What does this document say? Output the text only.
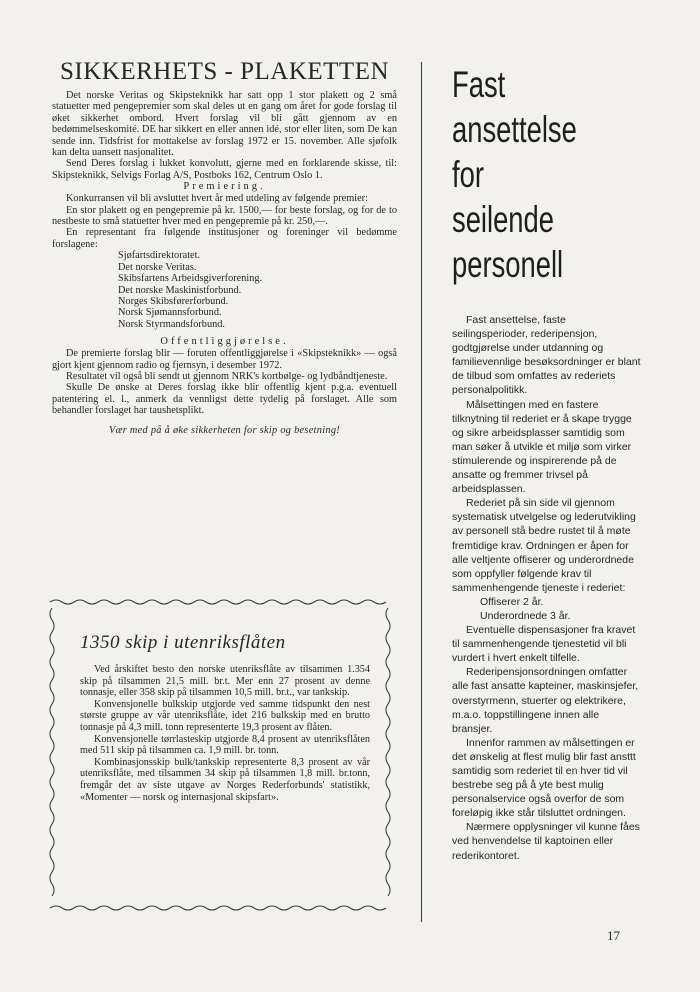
SIKKERHETS - PLAKETTEN

Det norske Veritas og Skipsteknikk har satt opp 1 stor plakett og 2 små statuetter med pengepremier som skal deles ut en gang om året for gode forslag til øket sikkerhet ombord. Hvert forslag vil bli gått gjennom av en bedømmelseskomité. DE har sikkert en eller annen idé, stor eller liten, som De kan sende inn. Tidsfrist for mottakelse av forslag 1972 er 15. november. Alle sjøfolk kan delta uansett nasjonalitet.

Send Deres forslag i lukket konvolutt, gjerne med en forklarende skisse, til: Skipsteknikk, Selvigs Forlag A/S, Postboks 162, Centrum Oslo 1.

Premiering.

Konkurransen vil bli avsluttet hvert år med utdeling av følgende premier:

En stor plakett og en pengepremie på kr. 1500,— for beste forslag, og for de to nestbeste to små statuetter hver med en pengepremie på kr. 250,—.

En representant fra følgende institusjoner og foreninger vil bedømme forslagene:

Sjøfartsdirektoratet.

Det norske Veritas.

Skibsfartens Arbeidsgiverforening.

Det norske Maskinistforbund.

Norges Skibsførerforbund.

Norsk Sjømannsforbund.

Norsk Styrmandsforbund.

Offentliggjørelse.

De premierte forslag blir — foruten offentliggjørelse i «Skipsteknikk» — også gjort kjent gjennom radio og fjernsyn, i desember 1972.

Resultatet vil også bli sendt ut gjennom NRK's kortbølge- og lydbåndtjeneste.

Skulle De ønske at Deres forslag ikke blir offentlig kjent p.g.a. eventuell patentering el. l., anmerk da vennligst dette tydelig på forslaget. Alle som behandler forslaget har taushetsplikt.

Vær med på å øke sikkerheten for skip og besetning!

1350 skip i utenriksflåten

Ved årskiftet besto den norske utenriksflåte av tilsammen 1.354 skip på tilsammen 21,5 mill. br.t. Mer enn 27 prosent av denne tonnasje, eller 358 skip på tilsammen 10,5 mill. br.t., var tankskip.

Konvensjonelle bulkskip utgjorde ved samme tidspunkt den nest største gruppe av vår utenriksflåte, idet 216 bulkskip med en brutto tonnasje på 4,3 mill. tonn representerte 19,3 prosent av flåten.

Konvensjonelle tørrlasteskip utgjorde 8,4 prosent av utenriksflåten med 511 skip på tilsammen ca. 1,9 mill. br. tonn.

Kombinasjonsskip bulk/tankskip representerte 8,3 prosent av vår utenriksflåte, med tilsammen 34 skip på tilsammen 1,8 mill. br.tonn, fremgår det av siste utgave av Norges Rederforbunds' statistikk, «Momenter — norsk og internasjonal skipsfart».

Fast
ansettelse for
seilende
personell

Fast ansettelse, faste seilingsperioder, rederipensjon, godtgjørelse under utdanning og familievennlige besøksordninger er blant de tilbud som omfattes av rederiets personalpolitikk.

Målsettingen med en fastere tilknytning til rederiet er å skape trygge og sikre arbeidsplasser samtidig som man søker å utvikle et miljø som virker stimulerende og inspirerende på de ansatte og fremmer trivsel på arbeidsplassen.

Rederiet på sin side vil gjennom systematisk utvelgelse og lederutvikling av personell stå bedre rustet til å møte fremtidige krav. Ordningen er åpen for alle veltjente offiserer og underordnede som oppfyller følgende krav til sammenhengende tjeneste i rederiet:

Offiserer 2 år.

Underordnede 3 år.

Eventuelle dispensasjoner fra kravet til sammenhengende tjenestetid vil bli vurdert i hvert enkelt tilfelle.

Rederipensjonsordningen omfatter alle fast ansatte kapteiner, maskinsjefer, overstyrmenn, stuerter og elektrikere, m.a.o. toppstillingene innen alle bransjer.

Innenfor rammen av målsettingen er det ønskelig at flest mulig blir fast ansttt samtidig som rederiet til en hver tid vil bestrebe seg på å yte best mulig personalservice også overfor de som foreløpig ikke står tilsluttet ordningen.

Nærmere opplysninger vil kunne fåes ved henvendelse til kaptoinen eller rederikontoret.

17
